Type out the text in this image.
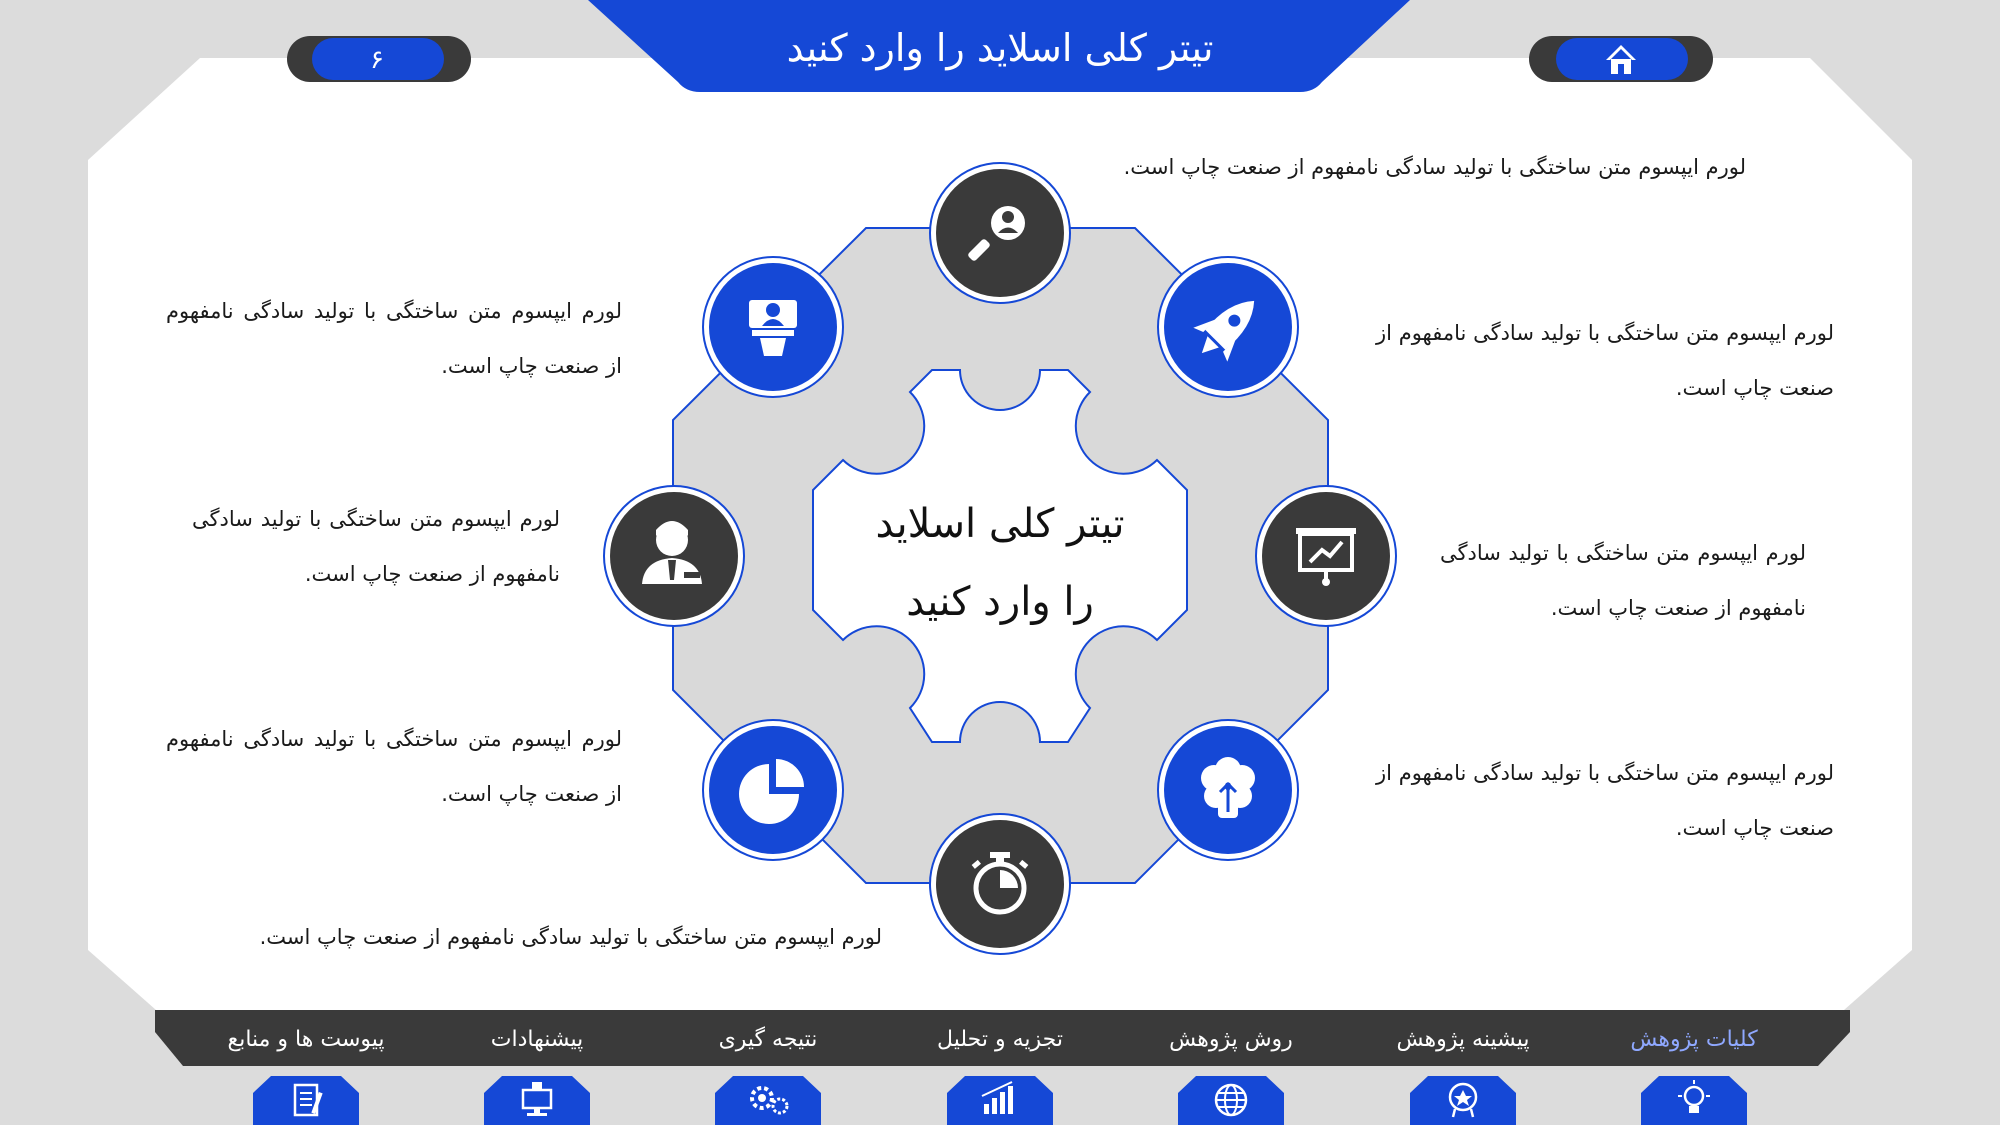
تیتر کلی اسلاید را وارد کنید
۶
تیتر کلی اسلاید
را وارد کنید
لورم ایپسوم متن ساختگی با تولید سادگی نامفهوم از صنعت چاپ است.
لورم ایپسوم متن ساختگی با تولید سادگی نامفهوم از صنعت چاپ است.
لورم ایپسوم متن ساختگی با تولید سادگی نامفهوم از صنعت چاپ است.
لورم ایپسوم متن ساختگی با تولید سادگی نامفهوم از صنعت چاپ است.
لورم ایپسوم متن ساختگی با تولید سادگی نامفهوم از صنعت چاپ است.
لورم ایپسوم متن ساختگی با تولید سادگی نامفهوم از صنعت چاپ است.
لورم ایپسوم متن ساختگی با تولید سادگی نامفهوم از صنعت چاپ است.
لورم ایپسوم متن ساختگی با تولید سادگی نامفهوم از صنعت چاپ است.
کلیات پژوهش
پیشینه پژوهش
روش پژوهش
تجزیه و تحلیل
نتیجه گیری
پیشنهادات
پیوست ها و منابع
